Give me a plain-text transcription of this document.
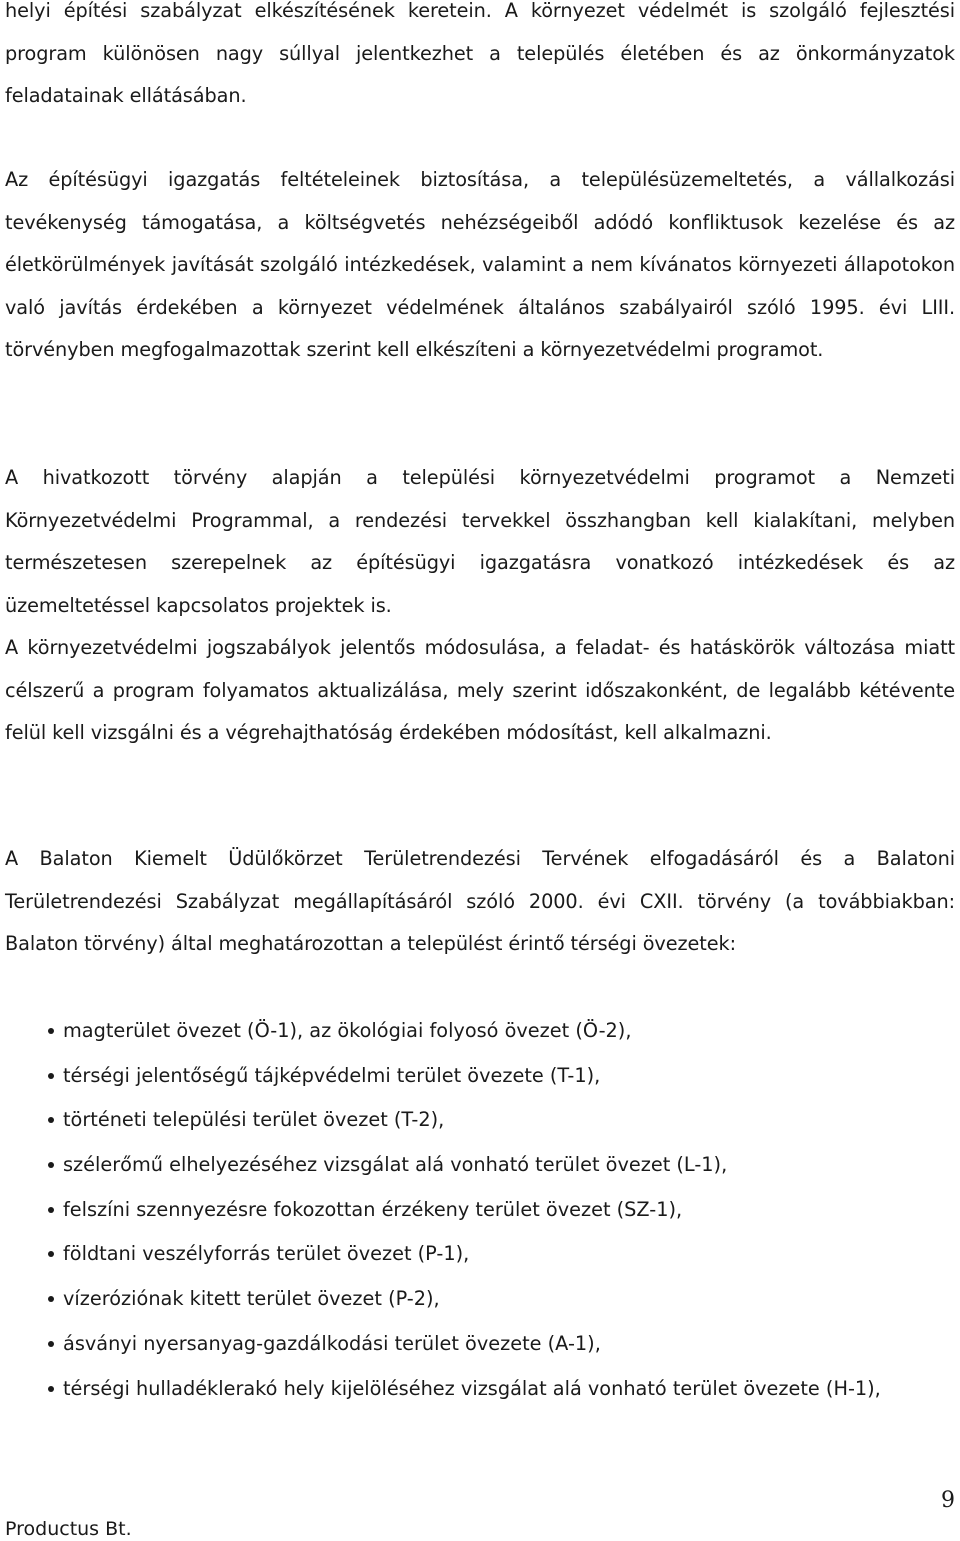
helyi építési szabályzat elkészítésének keretein. A környezet védelmét is szolgáló fejlesztési program különösen nagy súllyal jelentkezhet a település életében és az önkormányzatok feladatainak ellátásában.

Az építésügyi igazgatás feltételeinek biztosítása, a településüzemeltetés, a vállalkozási tevékenység támogatása, a költségvetés nehézségeiből adódó konfliktusok kezelése és az életkörülmények javítását szolgáló intézkedések, valamint a nem kívánatos környezeti állapotokon való javítás érdekében a környezet védelmének általános szabályairól szóló 1995. évi LIII. törvényben megfogalmazottak szerint kell elkészíteni a környezetvédelmi programot.

A hivatkozott törvény alapján a települési környezetvédelmi programot a Nemzeti Környezetvédelmi Programmal, a rendezési tervekkel összhangban kell kialakítani, melyben természetesen szerepelnek az építésügyi igazgatásra vonatkozó intézkedések és az üzemeltetéssel kapcsolatos projektek is.

A környezetvédelmi jogszabályok jelentős módosulása, a feladat- és hatáskörök változása miatt célszerű a program folyamatos aktualizálása, mely szerint időszakonként, de legalább kétévente felül kell vizsgálni és a végrehajthatóság érdekében módosítást, kell alkalmazni.

A Balaton Kiemelt Üdülőkörzet Területrendezési Tervének elfogadásáról és a Balatoni Területrendezési Szabályzat megállapításáról szóló 2000. évi CXII. törvény (a továbbiakban: Balaton törvény) által meghatározottan a települést érintő térségi övezetek:

magterület övezet (Ö-1), az ökológiai folyosó övezet (Ö-2),
térségi jelentőségű tájképvédelmi terület övezete (T-1),
történeti települési terület övezet (T-2),
szélerőmű elhelyezéséhez vizsgálat alá vonható terület övezet (L-1),
felszíni szennyezésre fokozottan érzékeny terület övezet (SZ-1),
földtani veszélyforrás terület övezet (P-1),
vízeróziónak kitett terület övezet (P-2),
ásványi nyersanyag-gazdálkodási terület övezete (A-1),
térségi hulladéklerakó hely kijelöléséhez vizsgálat alá vonható terület övezete (H-1),
Productus Bt.
9
